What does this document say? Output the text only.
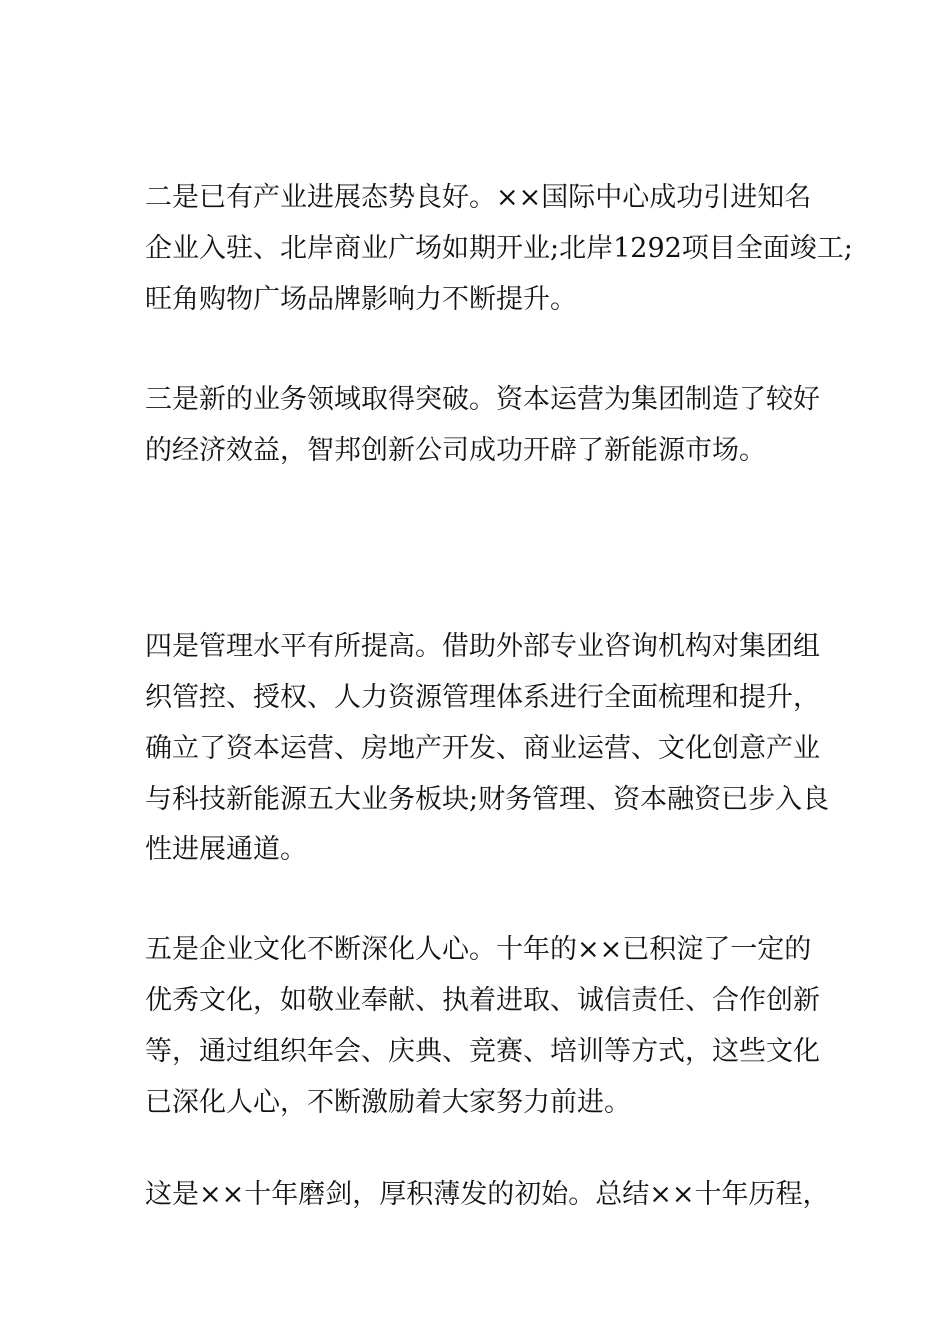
二是已有产业进展态势良好。××国际中心成功引进知名
企业入驻、北岸商业广场如期开业;北岸1292项目全面竣工;
旺角购物广场品牌影响力不断提升。
三是新的业务领域取得突破。资本运营为集团制造了较好
的经济效益，智邦创新公司成功开辟了新能源市场。
四是管理水平有所提高。借助外部专业咨询机构对集团组
织管控、授权、人力资源管理体系进行全面梳理和提升，
确立了资本运营、房地产开发、商业运营、文化创意产业
与科技新能源五大业务板块;财务管理、资本融资已步入良
性进展通道。
五是企业文化不断深化人心。十年的××已积淀了一定的
优秀文化，如敬业奉献、执着进取、诚信责任、合作创新
等，通过组织年会、庆典、竞赛、培训等方式，这些文化
已深化人心，不断激励着大家努力前进。
这是××十年磨剑，厚积薄发的初始。总结××十年历程，
